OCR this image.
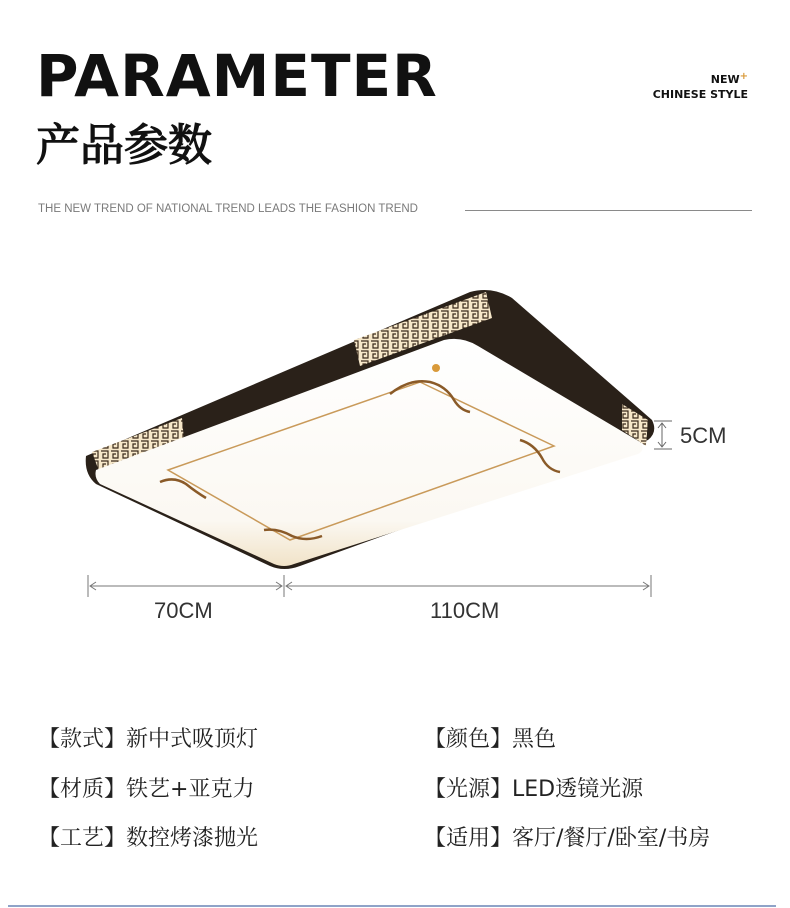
PARAMETER
产品参数
NEW+
CHINESE STYLE
THE NEW TREND OF NATIONAL TREND LEADS THE FASHION TREND
5CM
70CM	110CM
【款式】新中式吸顶灯	【颜色】黑色
【材质】铁艺+亚克力	【光源】LED透镜光源
【工艺】数控烤漆抛光	【适用】客厅/餐厅/卧室/书房
